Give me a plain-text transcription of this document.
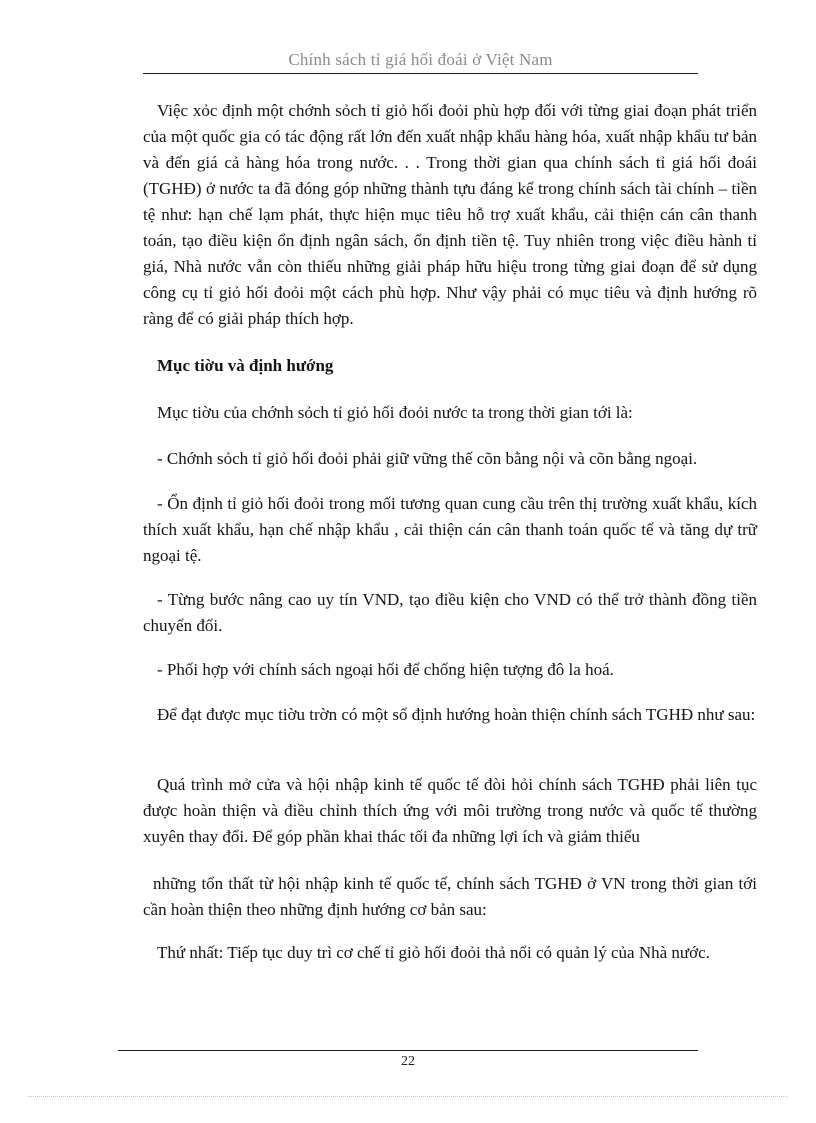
Chính sách tỉ giá hối đoái ở Việt Nam

Việc xỏc định một chớnh sỏch tỉ giỏ hối đoỏi phù hợp đối với từng giai đoạn phát triển của một quốc gia có tác động rất lớn đến xuất nhập khẩu hàng hóa, xuất nhập khẩu tư bản và đến giá cả hàng hóa trong nước. . . Trong thời gian qua chính sách tỉ giá hối đoái (TGHĐ) ở nước ta đã đóng góp những thành tựu đáng kể trong chính sách tài chính – tiền tệ như: hạn chế lạm phát, thực hiện mục tiêu hỗ trợ xuất khẩu, cải thiện cán cân thanh toán, tạo điều kiện ổn định ngân sách, ổn định tiền tệ. Tuy nhiên trong việc điều hành tỉ giá, Nhà nước vẫn còn thiếu những giải pháp hữu hiệu trong từng giai đoạn để sử dụng công cụ tỉ giỏ hối đoỏi một cách phù hợp. Như vậy phải có mục tiêu và định hướng rõ ràng để có giải pháp thích hợp.

Mục tiờu và định hướng

Mục tiờu của chớnh sỏch tỉ giỏ hối đoỏi nước ta trong thời gian tới là:

- Chớnh sỏch tỉ giỏ hối đoỏi phải giữ vững thế cõn bằng nội và cõn bằng ngoại.

- Ổn định tỉ giỏ hối đoỏi trong mối tương quan cung cầu trên thị trường xuất khẩu, kích thích xuất khẩu, hạn chế nhập khẩu , cải thiện cán cân thanh toán quốc tế và tăng dự trữ ngoại tệ.

- Từng bước nâng cao uy tín VND, tạo điều kiện cho VND có thể trở thành đồng tiền chuyển đổi.

- Phối hợp với chính sách ngoại hối để chống hiện tượng đô la hoá.

Để đạt được mục tiờu trờn có một số định hướng hoàn thiện chính sách TGHĐ như sau:

Quá trình mở cửa và hội nhập kinh tế quốc tế đòi hỏi chính sách TGHĐ phải liên tục được hoàn thiện và điều chỉnh thích ứng với môi trường trong nước và quốc tế thường xuyên thay đổi. Để góp phần khai thác tối đa những lợi ích và giảm thiểu

những tổn thất từ hội nhập kinh tế quốc tế, chính sách TGHĐ ở VN trong thời gian tới cần hoàn thiện theo những định hướng cơ bản sau:

Thứ nhất: Tiếp tục duy trì cơ chế tỉ giỏ hối đoỏi thả nổi có quản lý của Nhà nước.

22
